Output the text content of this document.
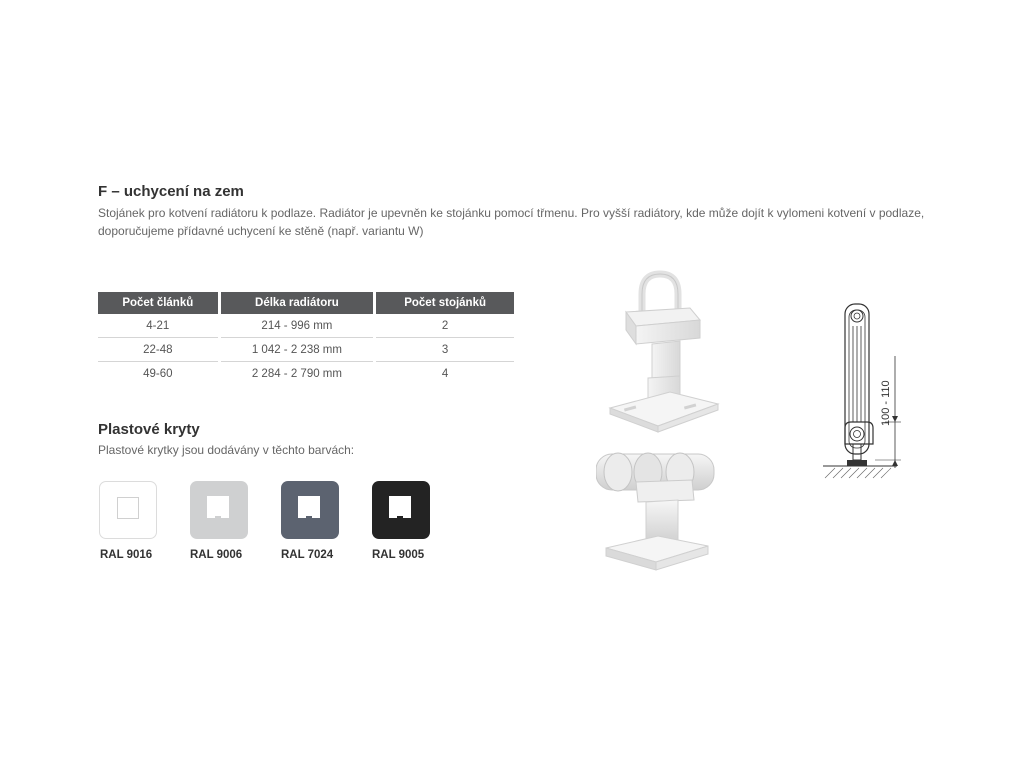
F – uchycení na zem

Stojánek pro kotvení radiátoru k podlaze. Radiátor je upevněn ke stojánku pomocí třmenu. Pro vyšší radiátory, kde může dojít k vylomeni kotvení v podlaze, doporučujeme přídavné uchycení ke stěně (např. variantu W)

Počet článků	Délka radiátoru	Počet stojánků
4-21	214 - 996 mm	2
22-48	1 042 - 2 238 mm	3
49-60	2 284 - 2 790 mm	4
Plastové kryty

Plastové krytky jsou dodávány v těchto barvách:

RAL 9016	RAL 9006	RAL 7024	RAL 9005
100 - 110
